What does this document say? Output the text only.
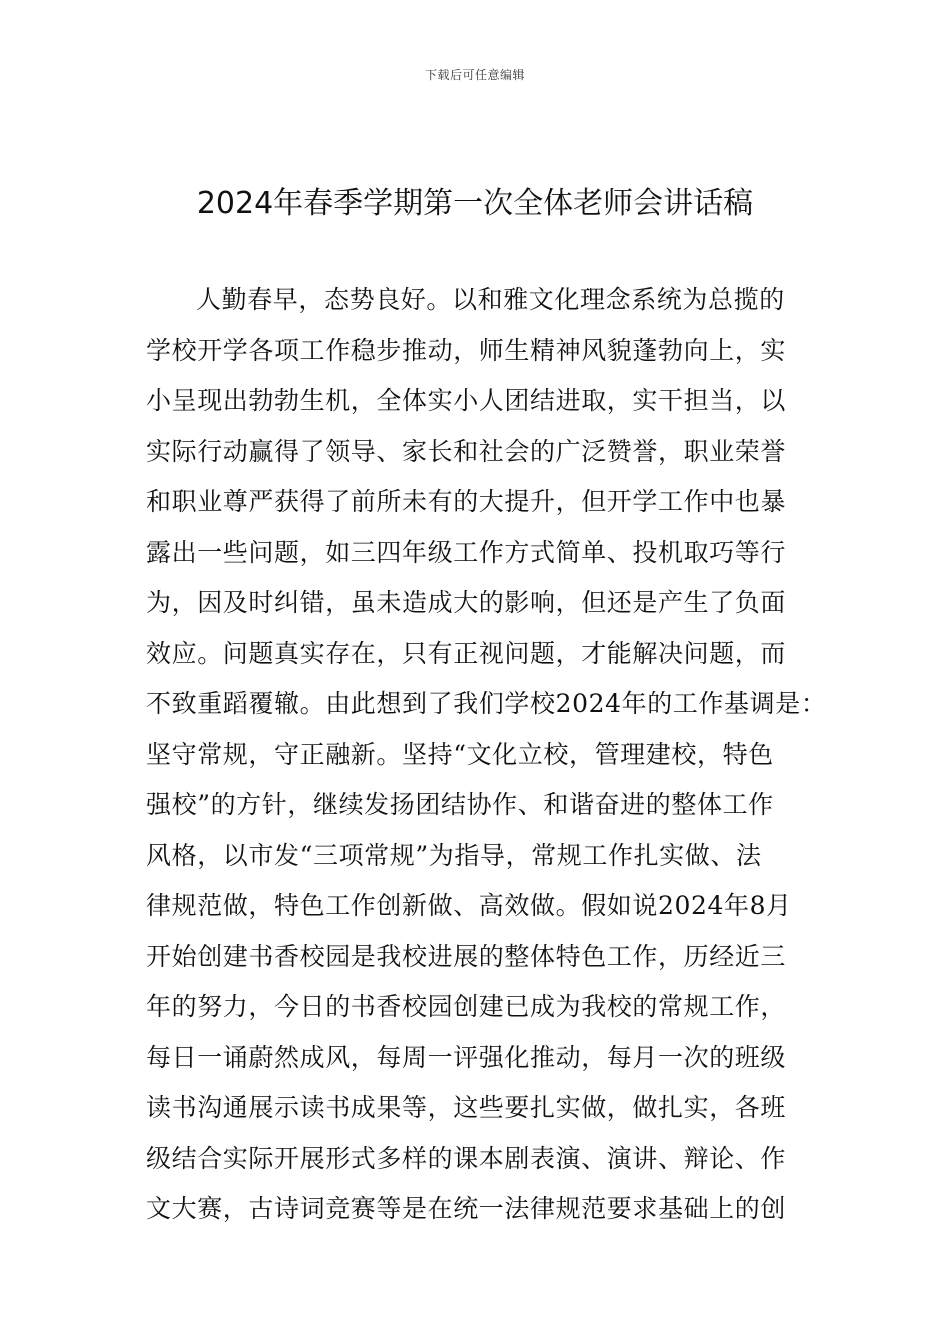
下载后可任意编辑
2024年春季学期第一次全体老师会讲话稿
人勤春早，态势良好。以和雅文化理念系统为总揽的
学校开学各项工作稳步推动，师生精神风貌蓬勃向上，实
小呈现出勃勃生机，全体实小人团结进取，实干担当，以
实际行动赢得了领导、家长和社会的广泛赞誉，职业荣誉
和职业尊严获得了前所未有的大提升，但开学工作中也暴
露出一些问题，如三四年级工作方式简单、投机取巧等行
为，因及时纠错，虽未造成大的影响，但还是产生了负面
效应。问题真实存在，只有正视问题，才能解决问题，而
不致重蹈覆辙。由此想到了我们学校2024年的工作基调是：
坚守常规，守正融新。坚持“文化立校，管理建校，特色
强校”的方针，继续发扬团结协作、和谐奋进的整体工作
风格，以市发“三项常规”为指导，常规工作扎实做、法
律规范做，特色工作创新做、高效做。假如说2024年8月
开始创建书香校园是我校进展的整体特色工作，历经近三
年的努力，今日的书香校园创建已成为我校的常规工作，
每日一诵蔚然成风，每周一评强化推动，每月一次的班级
读书沟通展示读书成果等，这些要扎实做，做扎实，各班
级结合实际开展形式多样的课本剧表演、演讲、辩论、作
文大赛，古诗词竞赛等是在统一法律规范要求基础上的创
